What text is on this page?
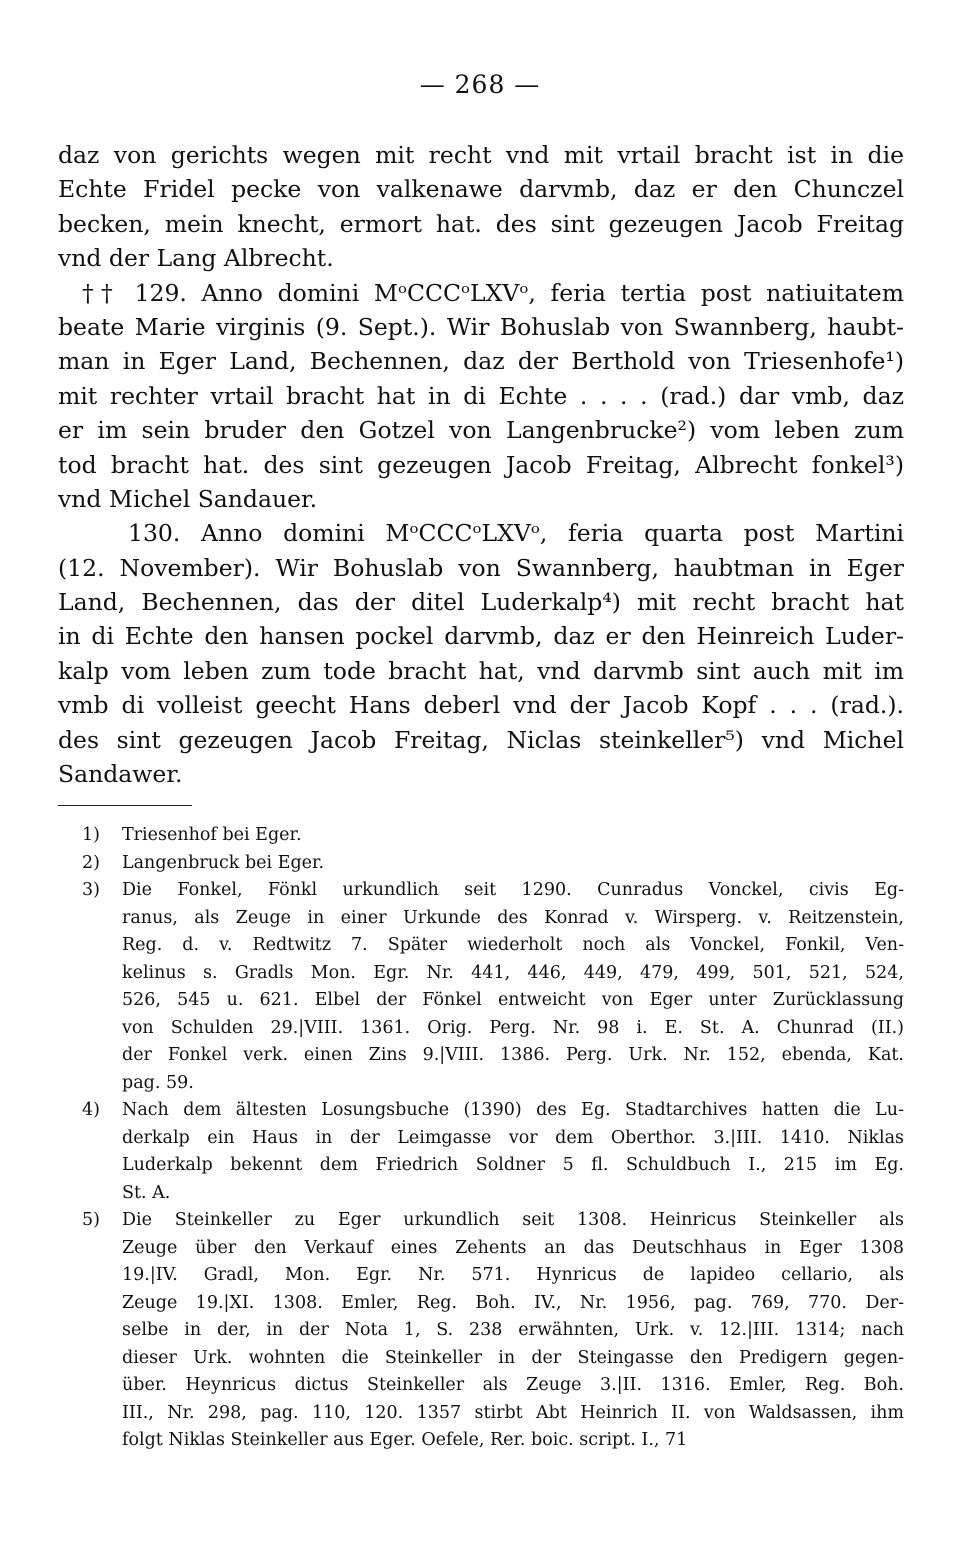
— 268 —
daz von gerichts wegen mit recht vnd mit vrtail bracht ist in die
Echte Fridel pecke von valkenawe darvmb, daz er den Chunczel
becken, mein knecht, ermort hat. des sint gezeugen Jacob Freitag
vnd der Lang Albrecht.
†† 129. Anno domini MᵒCCCᵒLXVᵒ, feria tertia post natiuitatem
beate Marie virginis (9. Sept.). Wir Bohuslab von Swannberg, haubt-
man in Eger Land, Bechennen, daz der Berthold von Triesenhofe¹)
mit rechter vrtail bracht hat in di Echte . . . . (rad.) dar vmb, daz
er im sein bruder den Gotzel von Langenbrucke²) vom leben zum
tod bracht hat. des sint gezeugen Jacob Freitag, Albrecht fonkel³)
vnd Michel Sandauer.
130. Anno domini MᵒCCCᵒLXVᵒ, feria quarta post Martini
(12. November). Wir Bohuslab von Swannberg, haubtman in Eger
Land, Bechennen, das der ditel Luderkalp⁴) mit recht bracht hat
in di Echte den hansen pockel darvmb, daz er den Heinreich Luder-
kalp vom leben zum tode bracht hat, vnd darvmb sint auch mit im
vmb di volleist geecht Hans deberl vnd der Jacob Kopf . . . (rad.).
des sint gezeugen Jacob Freitag, Niclas steinkeller⁵) vnd Michel
Sandawer.
1)	Triesenhof bei Eger.
2)	Langenbruck bei Eger.
3)	Die Fonkel, Fönkl urkundlich seit 1290. Cunradus Vonckel, civis Eg-
ranus, als Zeuge in einer Urkunde des Konrad v. Wirsperg. v. Reitzenstein,
Reg. d. v. Redtwitz 7. Später wiederholt noch als Vonckel, Fonkil, Ven-
kelinus s. Gradls Mon. Egr. Nr. 441, 446, 449, 479, 499, 501, 521, 524,
526, 545 u. 621. Elbel der Fönkel entweicht von Eger unter Zurücklassung
von Schulden 29.|VIII. 1361. Orig. Perg. Nr. 98 i. E. St. A. Chunrad (II.)
der Fonkel verk. einen Zins 9.|VIII. 1386. Perg. Urk. Nr. 152, ebenda, Kat.
pag. 59.
4)	Nach dem ältesten Losungsbuche (1390) des Eg. Stadtarchives hatten die Lu-
derkalp ein Haus in der Leimgasse vor dem Oberthor. 3.|III. 1410. Niklas
Luderkalp bekennt dem Friedrich Soldner 5 fl. Schuldbuch I., 215 im Eg.
St. A.
5)	Die Steinkeller zu Eger urkundlich seit 1308. Heinricus Steinkeller als
Zeuge über den Verkauf eines Zehents an das Deutschhaus in Eger 1308
19.|IV. Gradl, Mon. Egr. Nr. 571. Hynricus de lapideo cellario, als
Zeuge 19.|XI. 1308. Emler, Reg. Boh. IV., Nr. 1956, pag. 769, 770. Der-
selbe in der, in der Nota 1, S. 238 erwähnten, Urk. v. 12.|III. 1314; nach
dieser Urk. wohnten die Steinkeller in der Steingasse den Predigern gegen-
über. Heynricus dictus Steinkeller als Zeuge 3.|II. 1316. Emler, Reg. Boh.
III., Nr. 298, pag. 110, 120. 1357 stirbt Abt Heinrich II. von Waldsassen, ihm
folgt Niklas Steinkeller aus Eger. Oefele, Rer. boic. script. I., 71
